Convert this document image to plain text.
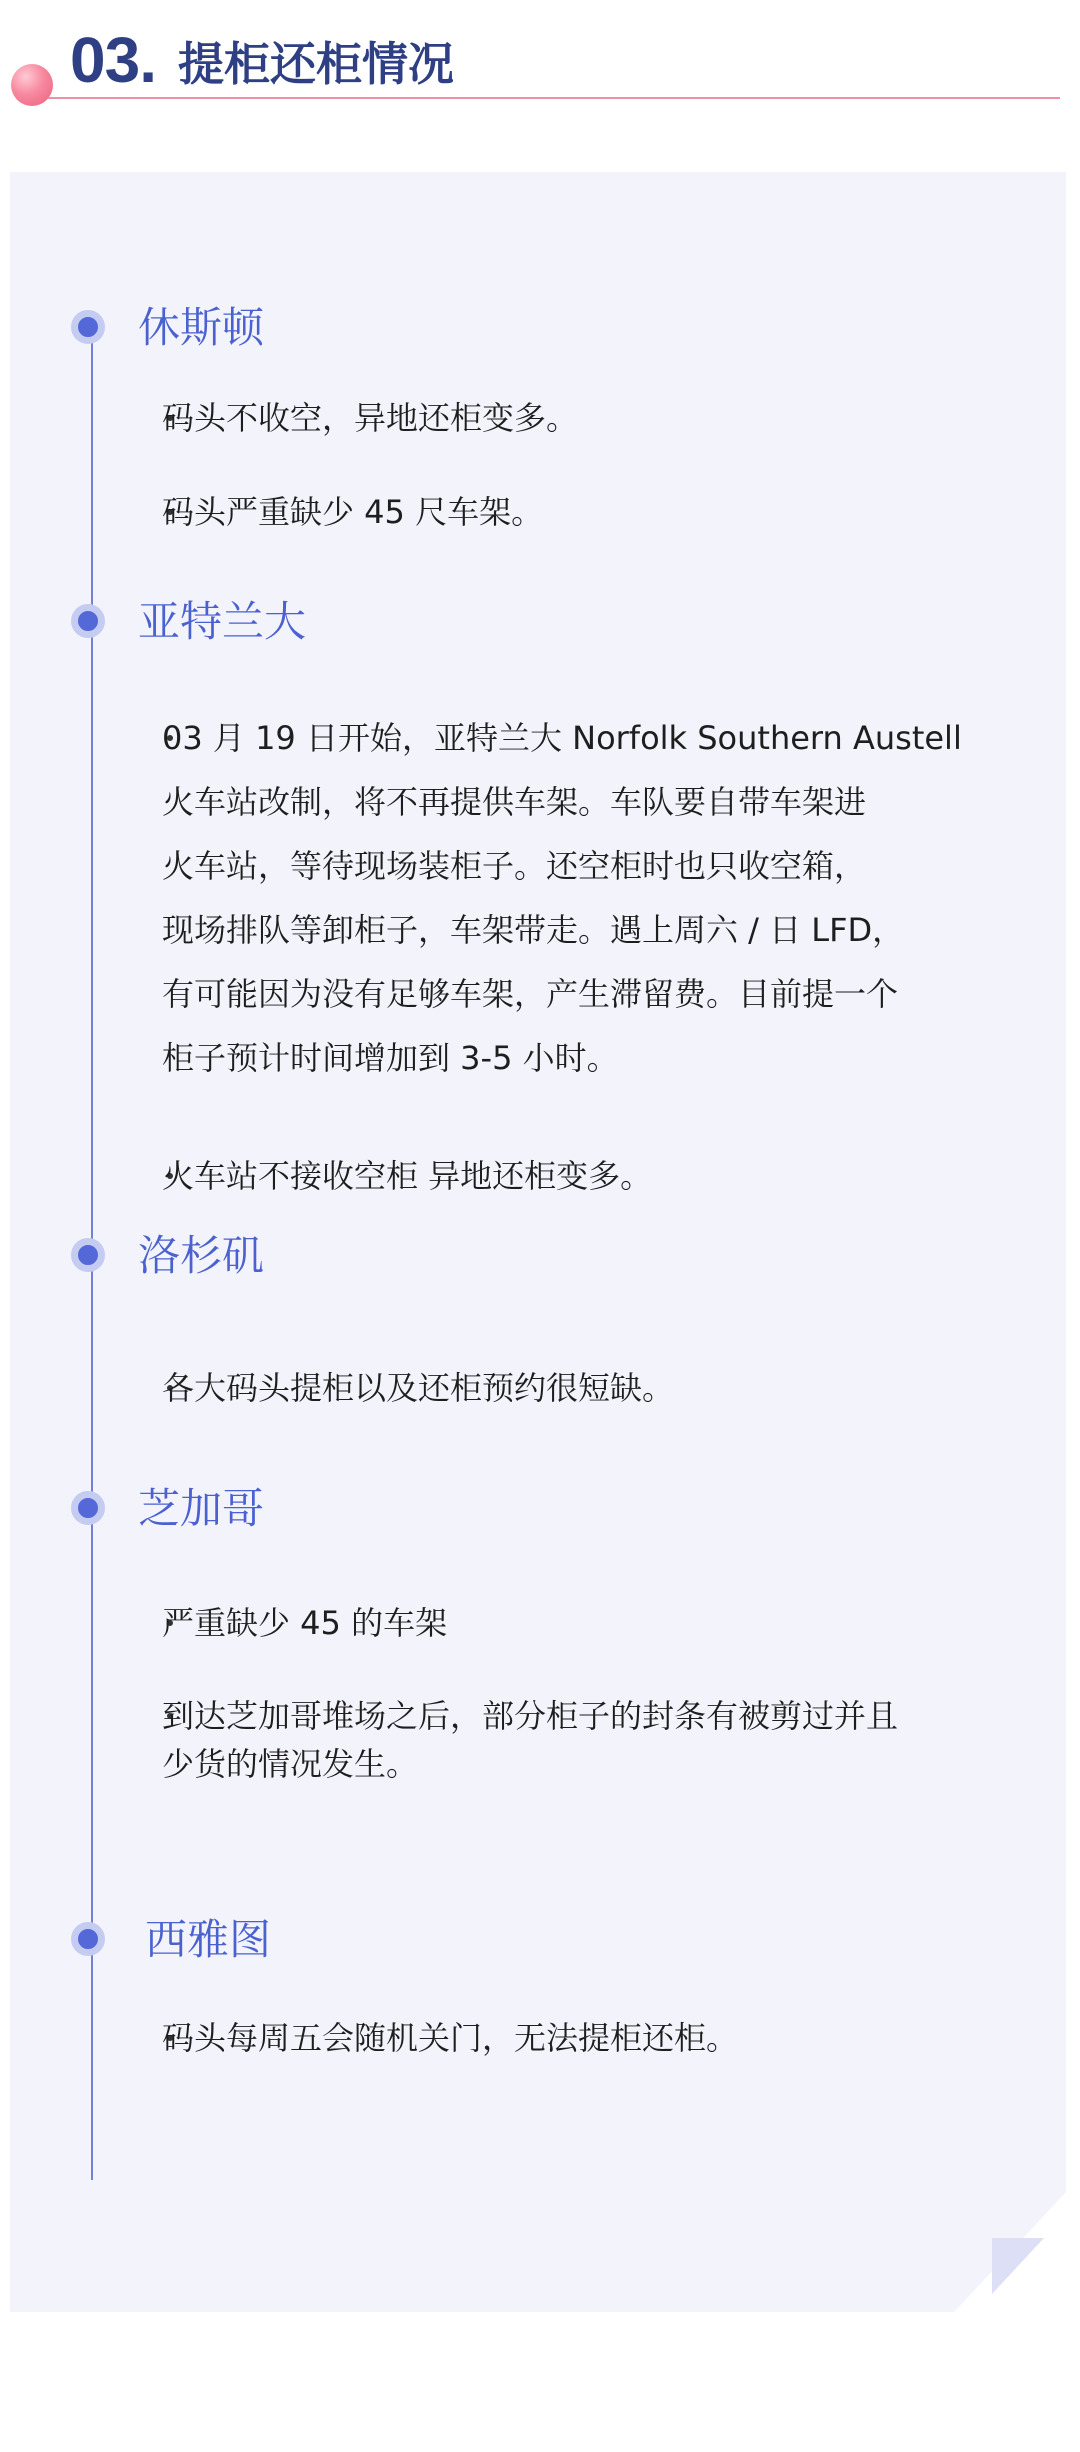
03. 提柜还柜情况
休斯顿
码头不收空，异地还柜变多。
码头严重缺少 45 尺车架。
亚特兰大
03 月 19 日开始，亚特兰大 Norfolk Southern Austell
火车站改制，将不再提供车架。车队要自带车架进
火车站，等待现场装柜子。还空柜时也只收空箱，
现场排队等卸柜子，车架带走。遇上周六 / 日 LFD，
有可能因为没有足够车架，产生滞留费。目前提一个
柜子预计时间增加到 3-5 小时。
火车站不接收空柜 异地还柜变多。
洛杉矶
各大码头提柜以及还柜预约很短缺。
芝加哥
严重缺少 45 的车架
到达芝加哥堆场之后，部分柜子的封条有被剪过并且
少货的情况发生。
西雅图
码头每周五会随机关门，无法提柜还柜。
